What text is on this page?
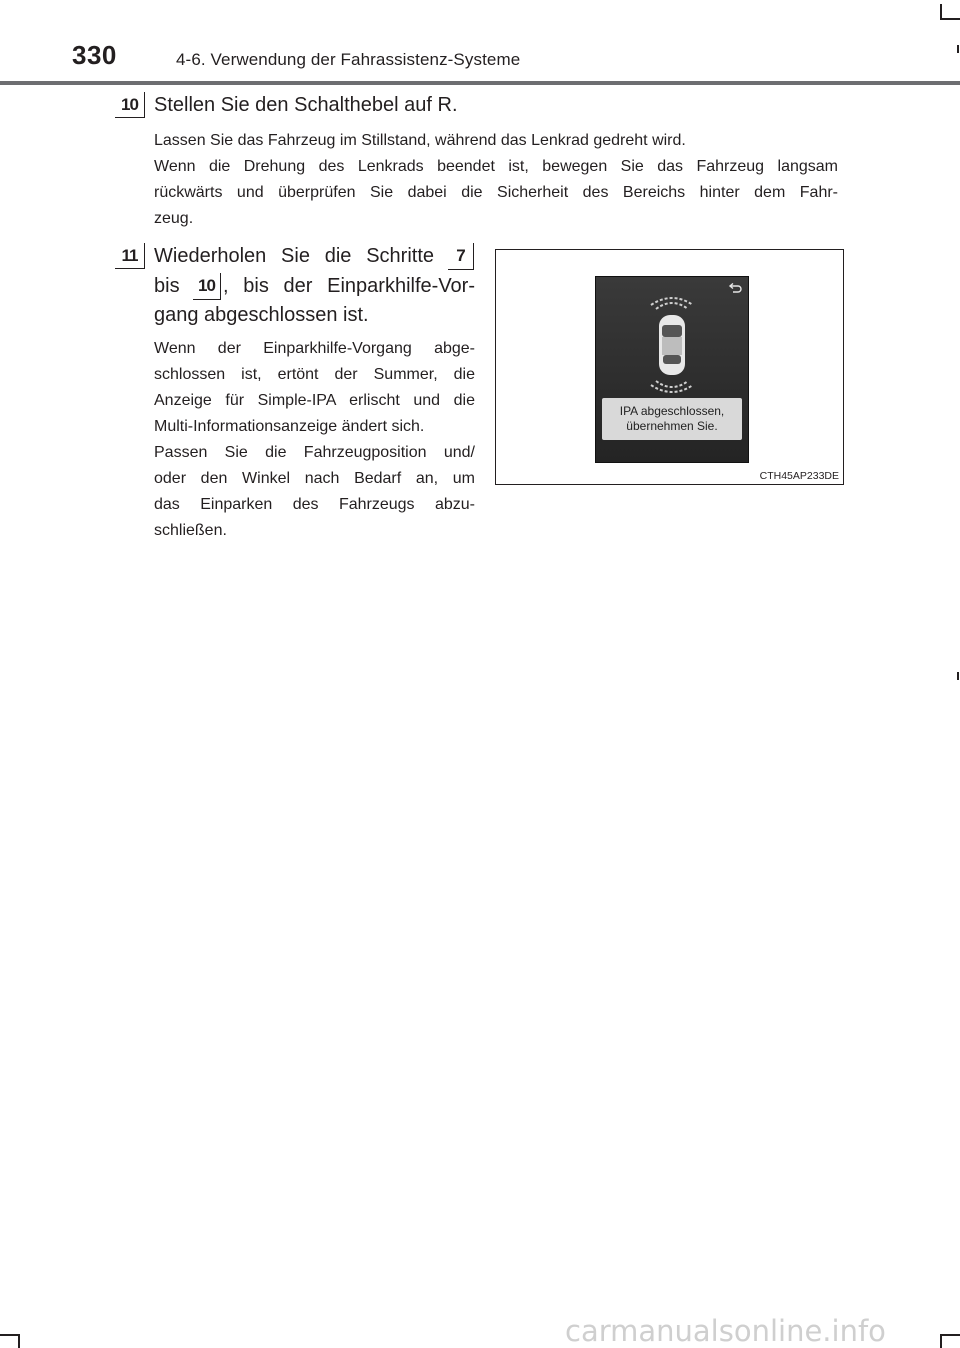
330	4-6. Verwendung der Fahrassistenz-Systeme
10 Stellen Sie den Schalthebel auf R.
Lassen Sie das Fahrzeug im Stillstand, während das Lenkrad gedreht wird.
Wenn die Drehung des Lenkrads beendet ist, bewegen Sie das Fahrzeug langsam
rückwärts und überprüfen Sie dabei die Sicherheit des Bereichs hinter dem Fahr-
zeug.
11 Wiederholen Sie die Schritte	7
bis 10 , bis der Einparkhilfe-Vor-
gang abgeschlossen ist.
Wenn der Einparkhilfe-Vorgang abge-
schlossen ist, ertönt der Summer, die
Anzeige für Simple-IPA erlischt und die
Multi-Informationsanzeige ändert sich.
Passen Sie die Fahrzeugposition und/
oder den Winkel nach Bedarf an, um
das Einparken des Fahrzeugs abzu-
schließen.
IPA abgeschlossen,
übernehmen Sie.
CTH45AP233DE
carmanualsonline.info
